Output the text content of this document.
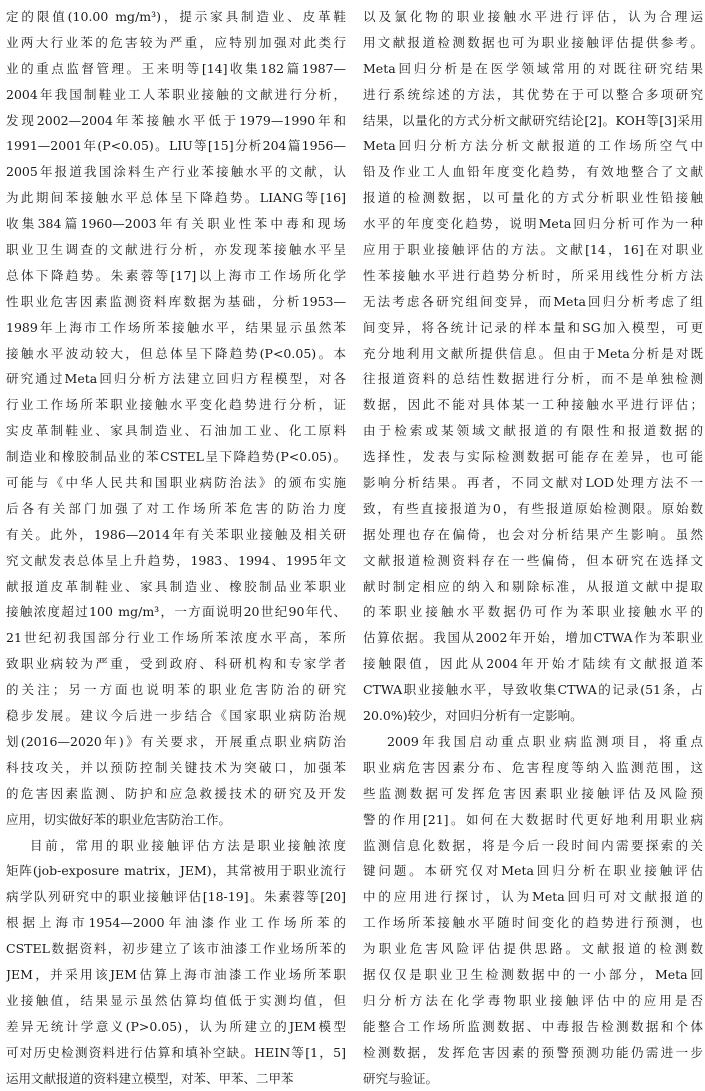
定的限值(10.00 mg/m³)，提示家具制造业、皮革鞋
业两大行业苯的危害较为严重，应特别加强对此类行
业的重点监督管理。王来明等[14]收集182篇1987—
2004年我国制鞋业工人苯职业接触的文献进行分析，
发现2002—2004年苯接触水平低于1979—1990年和
1991—2001年(P<0.05)。LIU等[15]分析204篇1956—
2005年报道我国涂料生产行业苯接触水平的文献，认
为此期间苯接触水平总体呈下降趋势。LIANG等[16]
收集384篇1960—2003年有关职业性苯中毒和现场
职业卫生调查的文献进行分析，亦发现苯接触水平呈
总体下降趋势。朱素蓉等[17]以上海市工作场所化学
性职业危害因素监测资料库数据为基础，分析1953—
1989年上海市工作场所苯接触水平，结果显示虽然苯
接触水平波动较大，但总体呈下降趋势(P<0.05)。本
研究通过Meta回归分析方法建立回归方程模型，对各
行业工作场所苯职业接触水平变化趋势进行分析，证
实皮革制鞋业、家具制造业、石油加工业、化工原料
制造业和橡胶制品业的苯CSTEL呈下降趋势(P<0.05)。
可能与《中华人民共和国职业病防治法》的颁布实施
后各有关部门加强了对工作场所苯危害的防治力度
有关。此外，1986—2014年有关苯职业接触及相关研
究文献发表总体呈上升趋势，1983、1994、1995年文
献报道皮革制鞋业、家具制造业、橡胶制品业苯职业
接触浓度超过100 mg/m³，一方面说明20世纪90年代、
21世纪初我国部分行业工作场所苯浓度水平高，苯所
致职业病较为严重，受到政府、科研机构和专家学者
的关注；另一方面也说明苯的职业危害防治的研究
稳步发展。建议今后进一步结合《国家职业病防治规
划(2016—2020年)》有关要求，开展重点职业病防治
科技攻关，并以预防控制关键技术为突破口，加强苯
的危害因素监测、防护和应急救援技术的研究及开发
应用，切实做好苯的职业危害防治工作。
目前，常用的职业接触评估方法是职业接触浓度
矩阵(job-exposure matrix，JEM)，其常被用于职业流行
病学队列研究中的职业接触评估[18-19]。朱素蓉等[20]
根据上海市1954—2000年油漆作业工作场所苯的
CSTEL数据资料，初步建立了该市油漆工作业场所苯的
JEM，并采用该JEM估算上海市油漆工作业场所苯职
业接触值，结果显示虽然估算均值低于实测均值，但
差异无统计学意义(P>0.05)，认为所建立的JEM模型
可对历史检测资料进行估算和填补空缺。HEIN等[1，5]
运用文献报道的资料建立模型，对苯、甲苯、二甲苯
以及氯化物的职业接触水平进行评估，认为合理运
用文献报道检测数据也可为职业接触评估提供参考。
Meta回归分析是在医学领域常用的对既往研究结果
进行系统综述的方法，其优势在于可以整合多项研究
结果，以量化的方式分析文献研究结论[2]。KOH等[3]采用
Meta回归分析方法分析文献报道的工作场所空气中
铅及作业工人血铅年度变化趋势，有效地整合了文献
报道的检测数据，以可量化的方式分析职业性铅接触
水平的年度变化趋势，说明Meta回归分析可作为一种
应用于职业接触评估的方法。文献[14，16]在对职业
性苯接触水平进行趋势分析时，所采用线性分析方法
无法考虑各研究组间变异，而Meta回归分析考虑了组
间变异，将各统计记录的样本量和SG加入模型，可更
充分地利用文献所提供信息。但由于Meta分析是对既
往报道资料的总结性数据进行分析，而不是单独检测
数据，因此不能对具体某一工种接触水平进行评估；
由于检索或某领域文献报道的有限性和报道数据的
选择性，发表与实际检测数据可能存在差异，也可能
影响分析结果。再者，不同文献对LOD处理方法不一
致，有些直接报道为0，有些报道原始检测限。原始数
据处理也存在偏倚，也会对分析结果产生影响。虽然
文献报道检测资料存在一些偏倚，但本研究在选择文
献时制定相应的纳入和剔除标准，从报道文献中提取
的苯职业接触水平数据仍可作为苯职业接触水平的
估算依据。我国从2002年开始，增加CTWA作为苯职业
接触限值，因此从2004年开始才陆续有文献报道苯
CTWA职业接触水平，导致收集CTWA的记录(51条，占
20.0%)较少，对回归分析有一定影响。
2009年我国启动重点职业病监测项目，将重点
职业病危害因素分布、危害程度等纳入监测范围，这
些监测数据可发挥危害因素职业接触评估及风险预
警的作用[21]。如何在大数据时代更好地利用职业病
监测信息化数据，将是今后一段时间内需要探索的关
键问题。本研究仅对Meta回归分析在职业接触评估
中的应用进行探讨，认为Meta回归可对文献报道的
工作场所苯接触水平随时间变化的趋势进行预测，也
为职业危害风险评估提供思路。文献报道的检测数
据仅仅是职业卫生检测数据中的一小部分，Meta回
归分析方法在化学毒物职业接触评估中的应用是否
能整合工作场所监测数据、中毒报告检测数据和个体
检测数据，发挥危害因素的预警预测功能仍需进一步
研究与验证。
